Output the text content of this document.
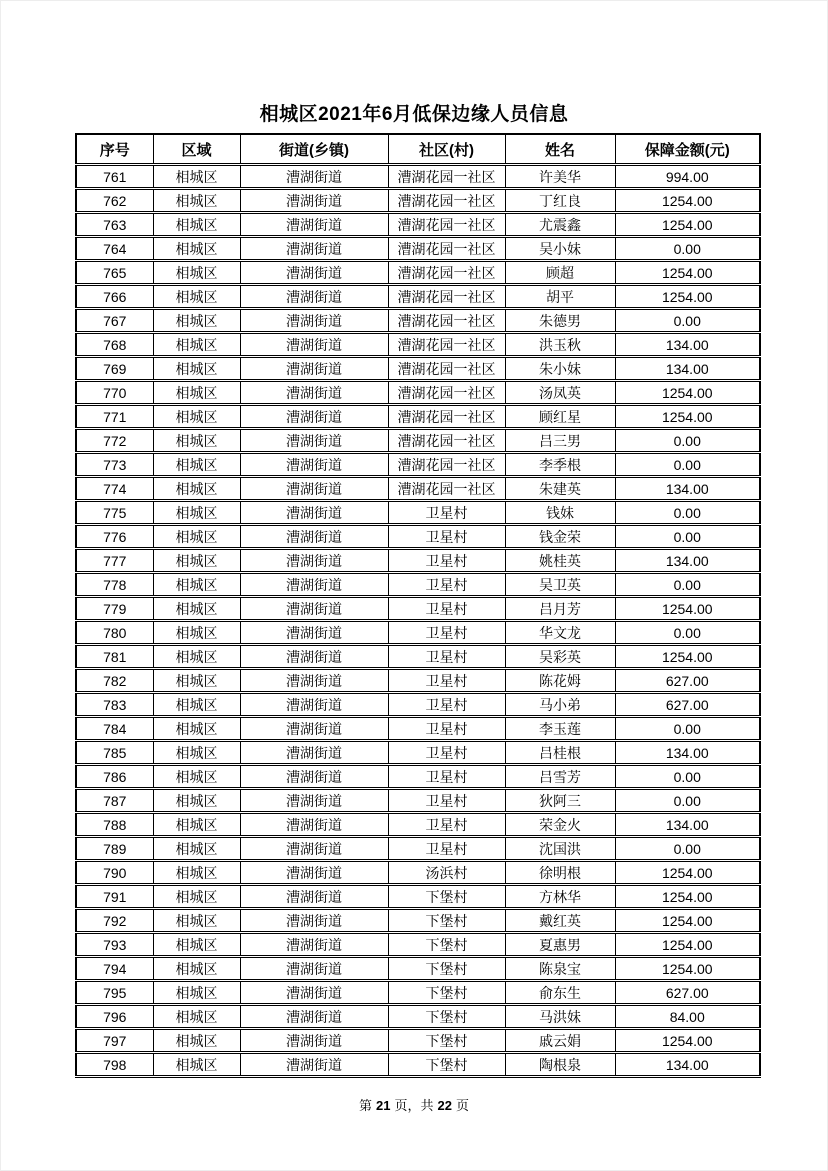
相城区2021年6月低保边缘人员信息
序号	区域	街道(乡镇)	社区(村)	姓名	保障金额(元)
761	相城区	漕湖街道	漕湖花园一社区	许美华	994.00
762	相城区	漕湖街道	漕湖花园一社区	丁红良	1254.00
763	相城区	漕湖街道	漕湖花园一社区	尤震鑫	1254.00
764	相城区	漕湖街道	漕湖花园一社区	吴小妹	0.00
765	相城区	漕湖街道	漕湖花园一社区	顾超	1254.00
766	相城区	漕湖街道	漕湖花园一社区	胡平	1254.00
767	相城区	漕湖街道	漕湖花园一社区	朱德男	0.00
768	相城区	漕湖街道	漕湖花园一社区	洪玉秋	134.00
769	相城区	漕湖街道	漕湖花园一社区	朱小妹	134.00
770	相城区	漕湖街道	漕湖花园一社区	汤凤英	1254.00
771	相城区	漕湖街道	漕湖花园一社区	顾红星	1254.00
772	相城区	漕湖街道	漕湖花园一社区	吕三男	0.00
773	相城区	漕湖街道	漕湖花园一社区	李季根	0.00
774	相城区	漕湖街道	漕湖花园一社区	朱建英	134.00
775	相城区	漕湖街道	卫星村	钱妹	0.00
776	相城区	漕湖街道	卫星村	钱金荣	0.00
777	相城区	漕湖街道	卫星村	姚桂英	134.00
778	相城区	漕湖街道	卫星村	吴卫英	0.00
779	相城区	漕湖街道	卫星村	吕月芳	1254.00
780	相城区	漕湖街道	卫星村	华文龙	0.00
781	相城区	漕湖街道	卫星村	吴彩英	1254.00
782	相城区	漕湖街道	卫星村	陈花姆	627.00
783	相城区	漕湖街道	卫星村	马小弟	627.00
784	相城区	漕湖街道	卫星村	李玉莲	0.00
785	相城区	漕湖街道	卫星村	吕桂根	134.00
786	相城区	漕湖街道	卫星村	吕雪芳	0.00
787	相城区	漕湖街道	卫星村	狄阿三	0.00
788	相城区	漕湖街道	卫星村	荣金火	134.00
789	相城区	漕湖街道	卫星村	沈国洪	0.00
790	相城区	漕湖街道	汤浜村	徐明根	1254.00
791	相城区	漕湖街道	下堡村	方林华	1254.00
792	相城区	漕湖街道	下堡村	戴红英	1254.00
793	相城区	漕湖街道	下堡村	夏惠男	1254.00
794	相城区	漕湖街道	下堡村	陈泉宝	1254.00
795	相城区	漕湖街道	下堡村	俞东生	627.00
796	相城区	漕湖街道	下堡村	马洪妹	84.00
797	相城区	漕湖街道	下堡村	戚云娟	1254.00
798	相城区	漕湖街道	下堡村	陶根泉	134.00
第 21 页，共 22 页
